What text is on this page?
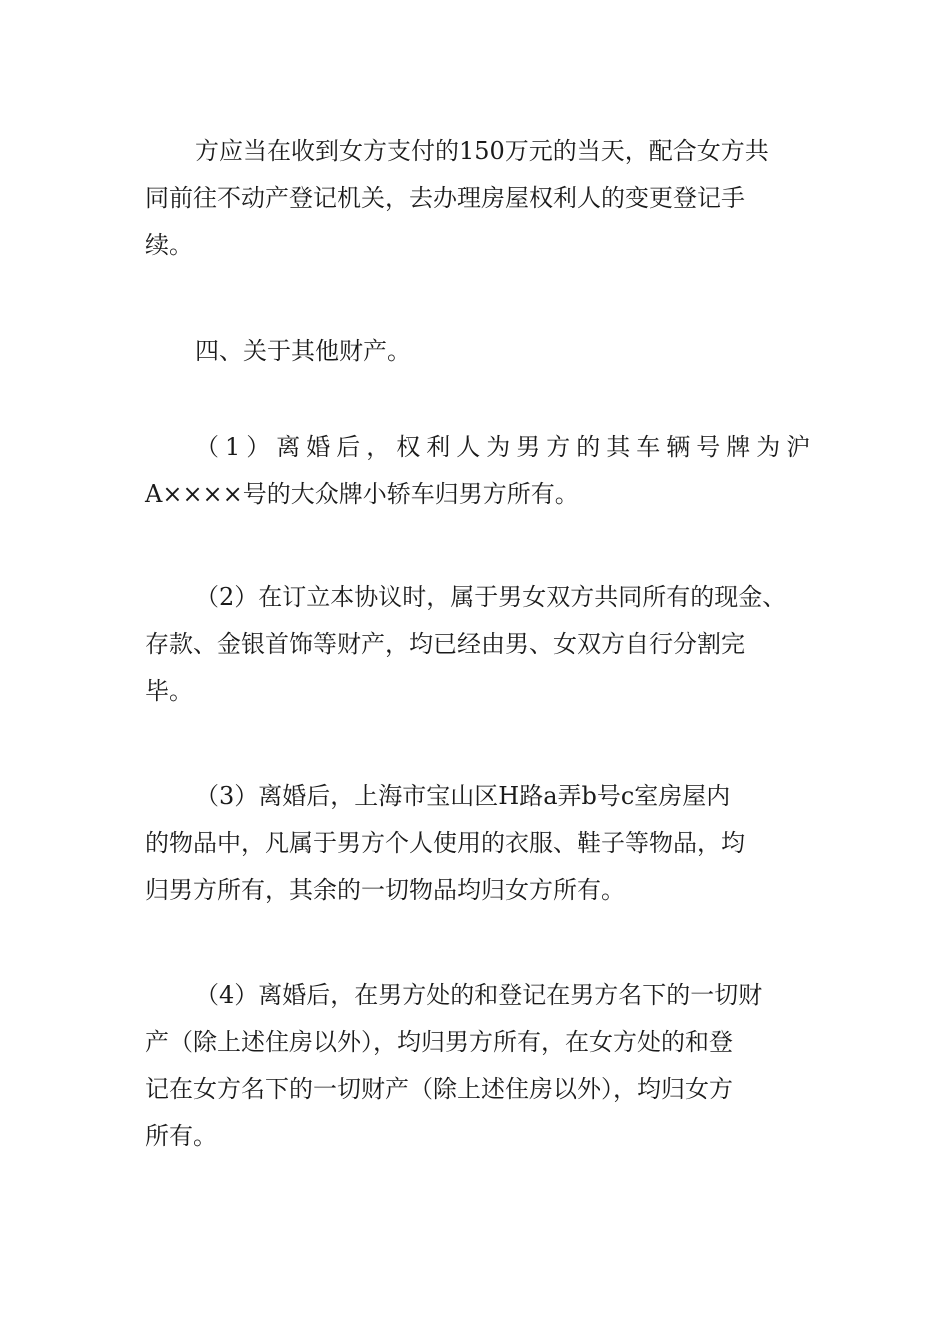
方应当在收到女方支付的150万元的当天，配合女方共
同前往不动产登记机关，去办理房屋权利人的变更登记手
续。
四、关于其他财产。
（1）离婚后，权利人为男方的其车辆号牌为沪
A××××号的大众牌小轿车归男方所有。
（2）在订立本协议时，属于男女双方共同所有的现金、
存款、金银首饰等财产，均已经由男、女双方自行分割完
毕。
（3）离婚后，上海市宝山区H路a弄b号c室房屋内
的物品中，凡属于男方个人使用的衣服、鞋子等物品，均
归男方所有，其余的一切物品均归女方所有。
（4）离婚后，在男方处的和登记在男方名下的一切财
产（除上述住房以外），均归男方所有，在女方处的和登
记在女方名下的一切财产（除上述住房以外），均归女方
所有。
